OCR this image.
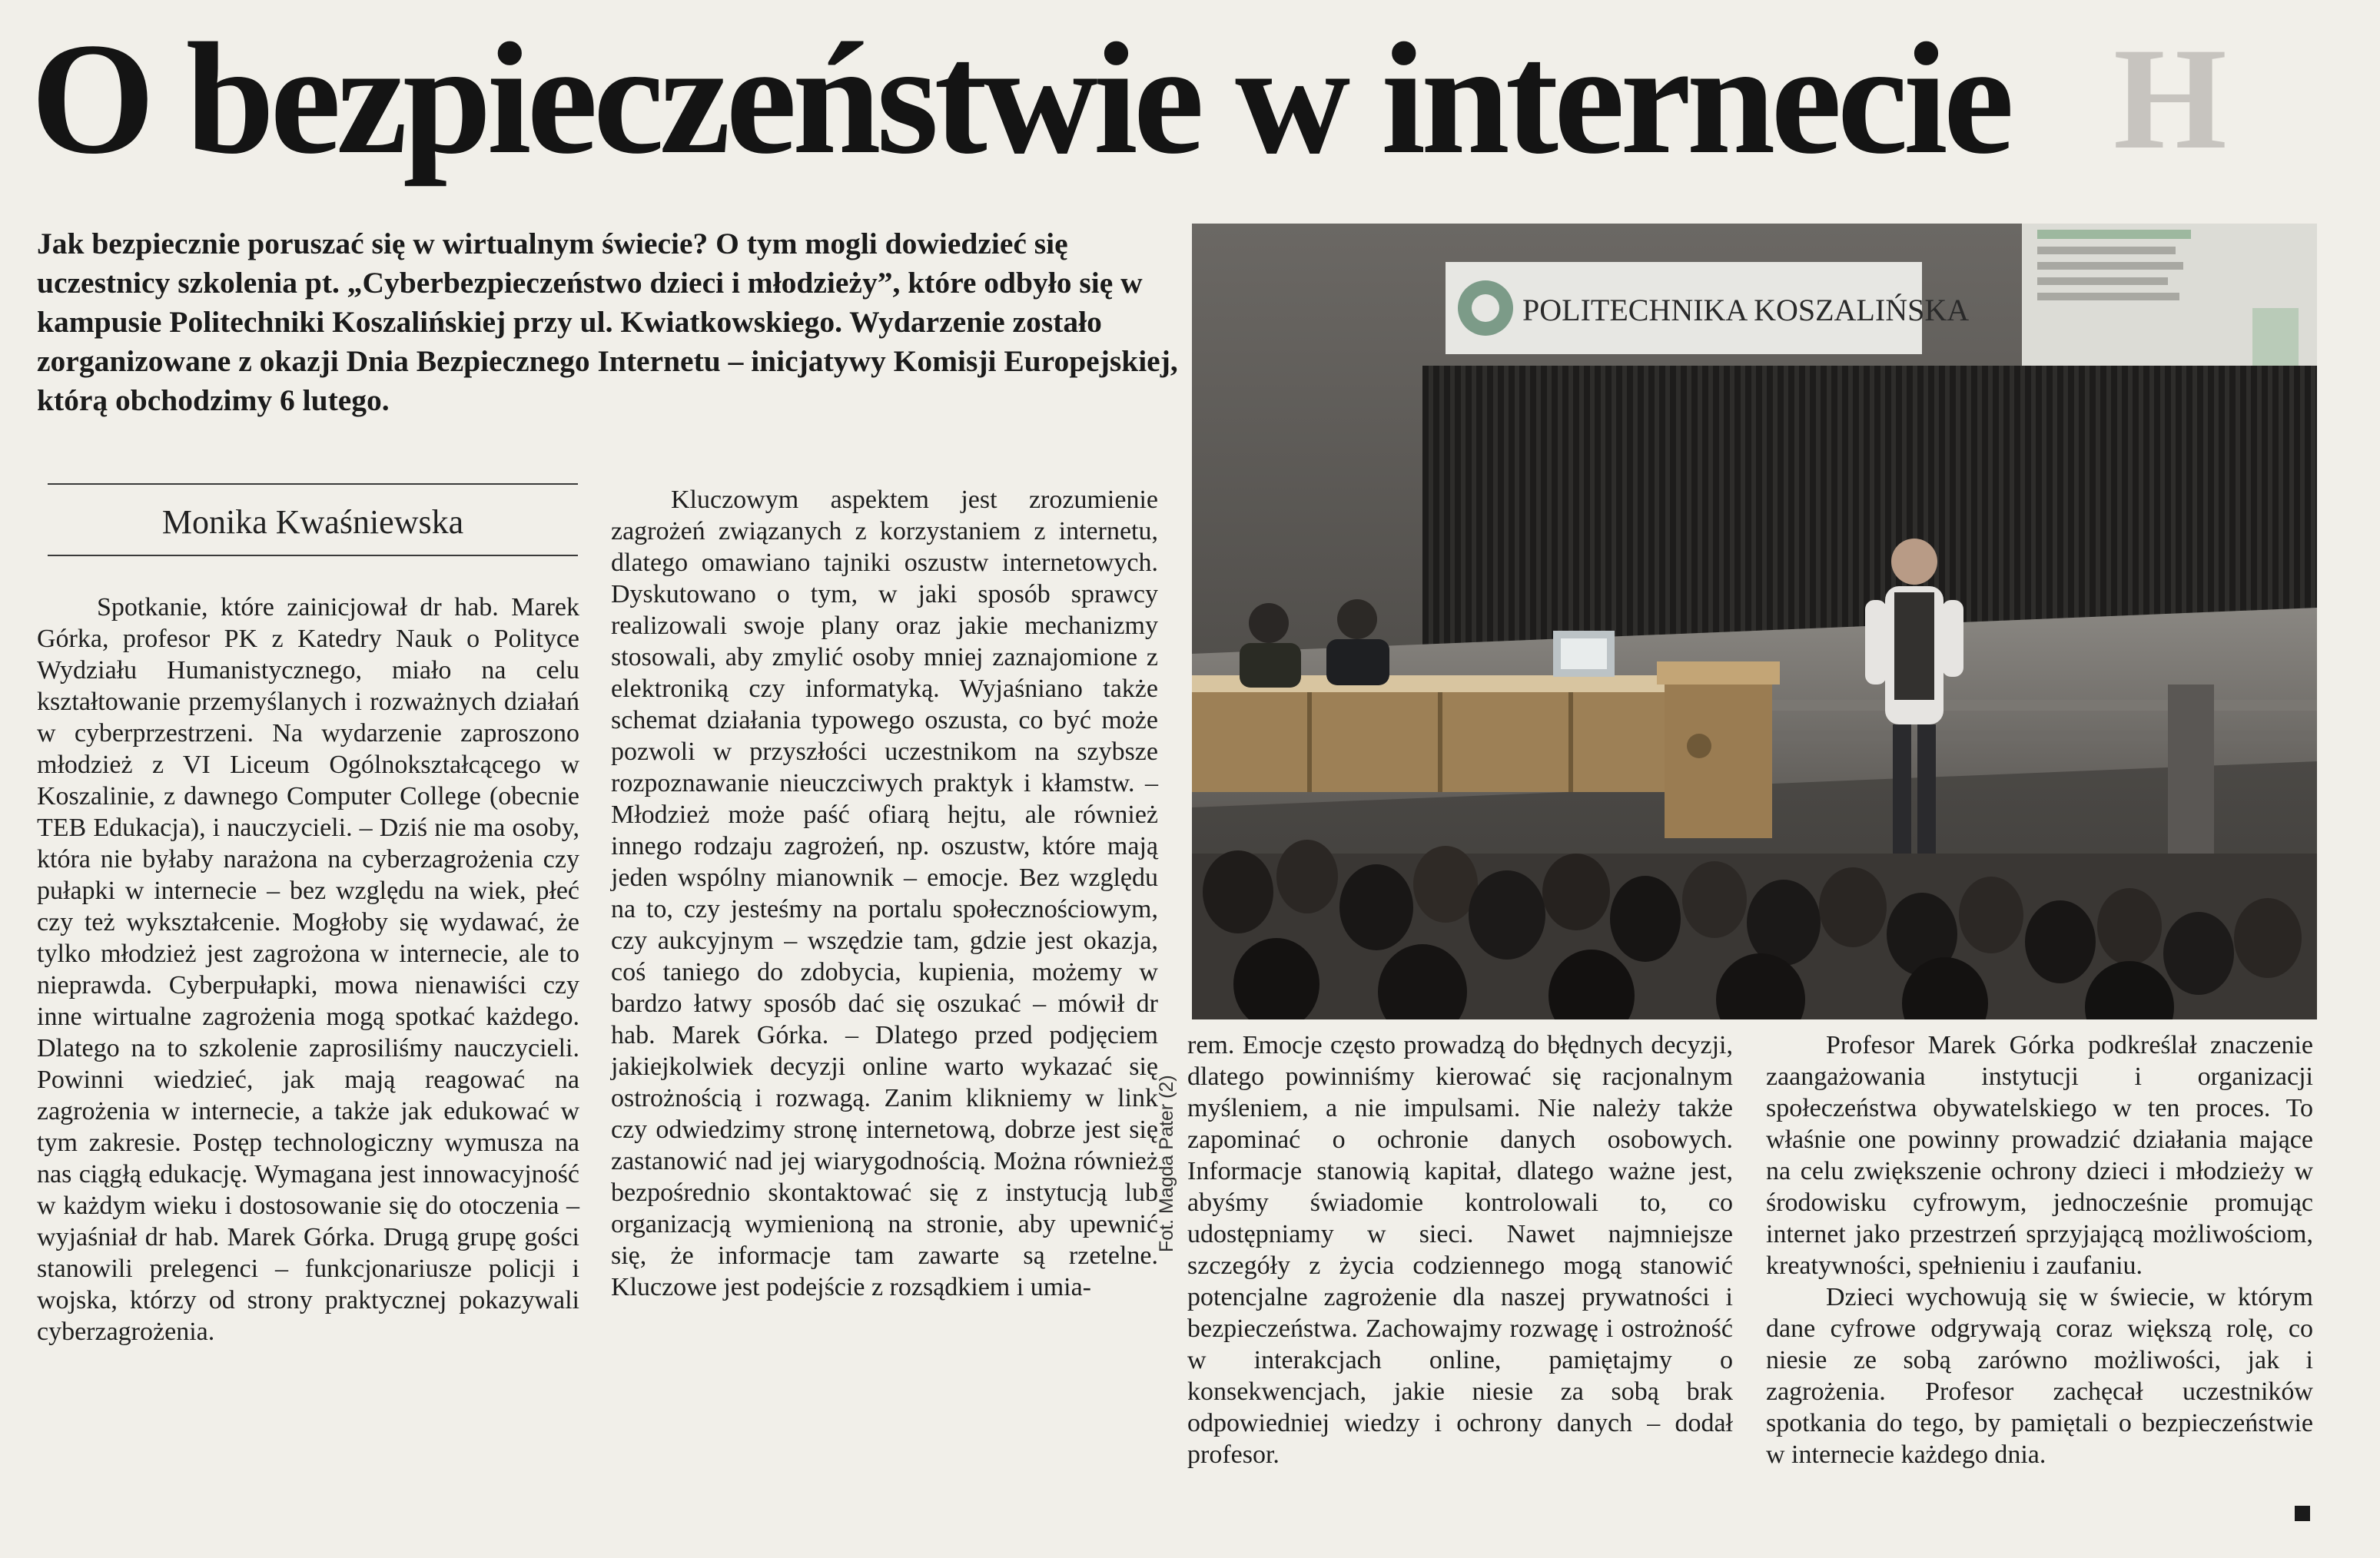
H
O bezpieczeństwie w internecie

Jak bezpiecznie poruszać się w wirtualnym świecie? O tym mogli dowiedzieć się uczestnicy szkolenia pt. „Cyberbezpieczeństwo dzieci i młodzieży”, które odbyło się w kampusie Politechniki Koszalińskiej przy ul. Kwiatkowskiego. Wydarzenie zostało zorganizowane z okazji Dnia Bezpiecznego Internetu – inicjatywy Komisji Europejskiej, którą obchodzimy 6 lutego.

Monika Kwaśniewska

Spotkanie, które zainicjował dr hab. Marek Górka, profesor PK z Katedry Nauk o Polityce Wydziału Humanistycznego, miało na celu kształtowanie przemyślanych i rozważnych działań w cyberprzestrzeni. Na wydarzenie zaproszono młodzież z VI Liceum Ogólnokształcącego w Koszalinie, z dawnego Computer College (obecnie TEB Edukacja), i nauczycieli. – Dziś nie ma osoby, która nie byłaby narażona na cyberzagrożenia czy pułapki w internecie – bez względu na wiek, płeć czy też wykształcenie. Mogłoby się wydawać, że tylko młodzież jest zagrożona w internecie, ale to nieprawda. Cyberpułapki, mowa nienawiści czy inne wirtualne zagrożenia mogą spotkać każdego. Dlatego na to szkolenie zaprosiliśmy nauczycieli. Powinni wiedzieć, jak mają reagować na zagrożenia w internecie, a także jak edukować w tym zakresie. Postęp technologiczny wymusza na nas ciągłą edukację. Wymagana jest innowacyjność w każdym wieku i dostosowanie się do otoczenia – wyjaśniał dr hab. Marek Górka. Drugą grupę gości stanowili prelegenci – funkcjonariusze policji i wojska, którzy od strony praktycznej pokazywali cyberzagrożenia.

Kluczowym aspektem jest zrozumienie zagrożeń związanych z korzystaniem z internetu, dlatego omawiano tajniki oszustw internetowych. Dyskutowano o tym, w jaki sposób sprawcy realizowali swoje plany oraz jakie mechanizmy stosowali, aby zmylić osoby mniej zaznajomione z elektroniką czy informatyką. Wyjaśniano także schemat działania typowego oszusta, co być może pozwoli w przyszłości uczestnikom na szybsze rozpoznawanie nieuczciwych praktyk i kłamstw. – Młodzież może paść ofiarą hejtu, ale również innego rodzaju zagrożeń, np. oszustw, które mają jeden wspólny mianownik – emocje. Bez względu na to, czy jesteśmy na portalu społecznościowym, czy aukcyjnym – wszędzie tam, gdzie jest okazja, coś taniego do zdobycia, kupienia, możemy w bardzo łatwy sposób dać się oszukać – mówił dr hab. Marek Górka. – Dlatego przed podjęciem jakiejkolwiek decyzji online warto wykazać się ostrożnością i rozwagą. Zanim klikniemy w link czy odwiedzimy stronę internetową, dobrze jest się zastanowić nad jej wiarygodnością. Można również bezpośrednio skontaktować się z instytucją lub organizacją wymienioną na stronie, aby upewnić się, że informacje tam zawarte są rzetelne. Kluczowe jest podejście z rozsądkiem i umia-

rem. Emocje często prowadzą do błędnych decyzji, dlatego powinniśmy kierować się racjonalnym myśleniem, a nie impulsami. Nie należy także zapominać o ochronie danych osobowych. Informacje stanowią kapitał, dlatego ważne jest, abyśmy świadomie kontrolowali to, co udostępniamy w sieci. Nawet najmniejsze szczegóły z życia codziennego mogą stanowić potencjalne zagrożenie dla naszej prywatności i bezpieczeństwa. Zachowajmy rozwagę i ostrożność w interakcjach online, pamiętajmy o konsekwencjach, jakie niesie za sobą brak odpowiedniej wiedzy i ochrony danych – dodał profesor.

Profesor Marek Górka podkreślał znaczenie zaangażowania instytucji i organizacji społeczeństwa obywatelskiego w ten proces. To właśnie one powinny prowadzić działania mające na celu zwiększenie ochrony dzieci i młodzieży w środowisku cyfrowym, jednocześnie promując internet jako przestrzeń sprzyjającą możliwościom, kreatywności, spełnieniu i zaufaniu.

Dzieci wychowują się w świecie, w którym dane cyfrowe odgrywają coraz większą rolę, co niesie ze sobą zarówno możliwości, jak i zagrożenia. Profesor zachęcał uczestników spotkania do tego, by pamiętali o bezpieczeństwie w internecie każdego dnia.

POLITECHNIKA KOSZALIŃSKA
Fot. Magda Pater (2)
